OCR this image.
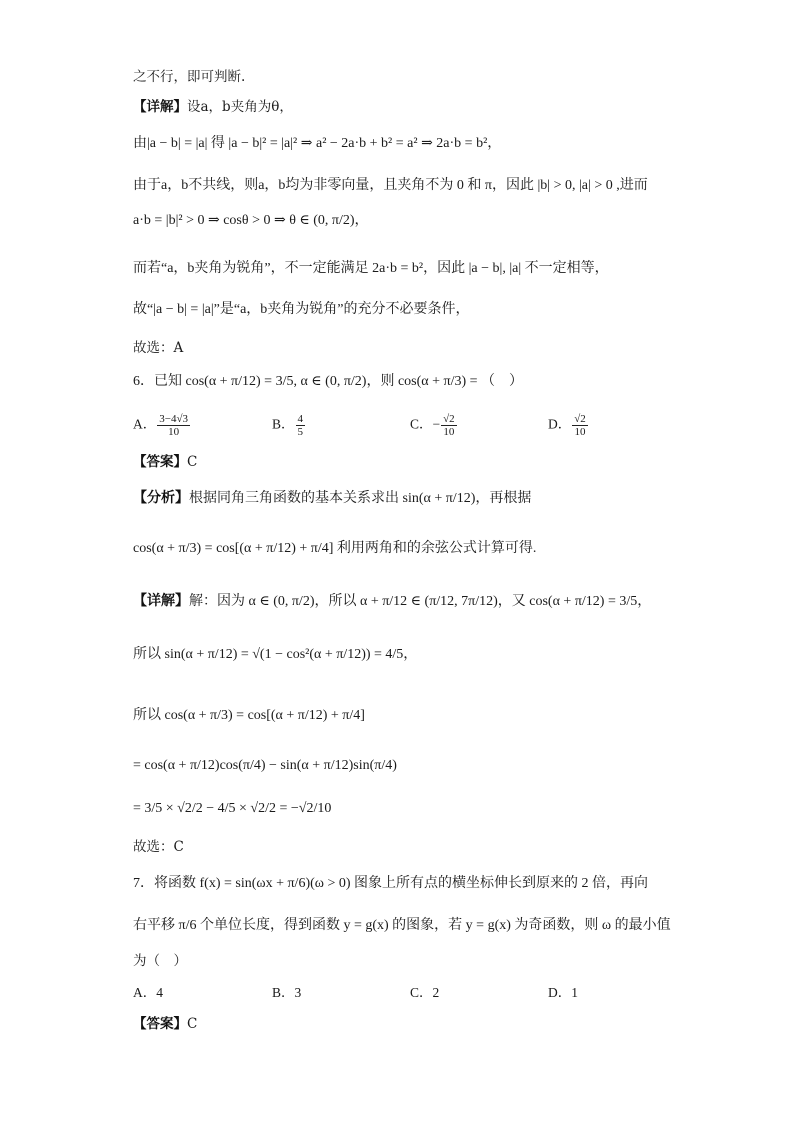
之不行，即可判断.
【详解】设a，b夹角为θ，
由|a − b| = |a| 得 |a − b|² = |a|² ⇒ a² − 2a·b + b² = a² ⇒ 2a·b = b²，
由于a，b不共线，则a，b均为非零向量，且夹角不为 0 和 π，因此 |b| > 0, |a| > 0 ,进而
a·b = |b|² > 0 ⇒ cosθ > 0 ⇒ θ ∈ (0, π/2)，
而若“a，b夹角为锐角”，不一定能满足 2a·b = b²，因此 |a − b|, |a| 不一定相等，
故“|a − b| = |a|”是“a，b夹角为锐角”的充分不必要条件，
故选：A
6．已知 cos(α + π/12) = 3/5, α ∈ (0, π/2)，则 cos(α + π/3) = （　）
A． $\frac{3-4√3}{10}$	B． $\frac{4}{5}$	C．− $\frac{√2}{10}$	D． $\frac{√2}{10}$
【答案】C
【分析】根据同角三角函数的基本关系求出 sin(α + π/12)，再根据
cos(α + π/3) = cos[(α + π/12) + π/4] 利用两角和的余弦公式计算可得.
【详解】解：因为 α ∈ (0, π/2)，所以 α + π/12 ∈ (π/12, 7π/12)，又 cos(α + π/12) = 3/5，
所以 sin(α + π/12) = √(1 − cos²(α + π/12)) = 4/5，
所以 cos(α + π/3) = cos[(α + π/12) + π/4]
= cos(α + π/12)cos(π/4) − sin(α + π/12)sin(π/4)
= 3/5 × √2/2 − 4/5 × √2/2 = −√2/10
故选：C
7．将函数 f(x) = sin(ωx + π/6)(ω > 0) 图象上所有点的横坐标伸长到原来的 2 倍，再向
右平移 π/6 个单位长度，得到函数 y = g(x) 的图象，若 y = g(x) 为奇函数，则 ω 的最小值
为（　）
A．4	B．3	C．2	D．1
【答案】C
